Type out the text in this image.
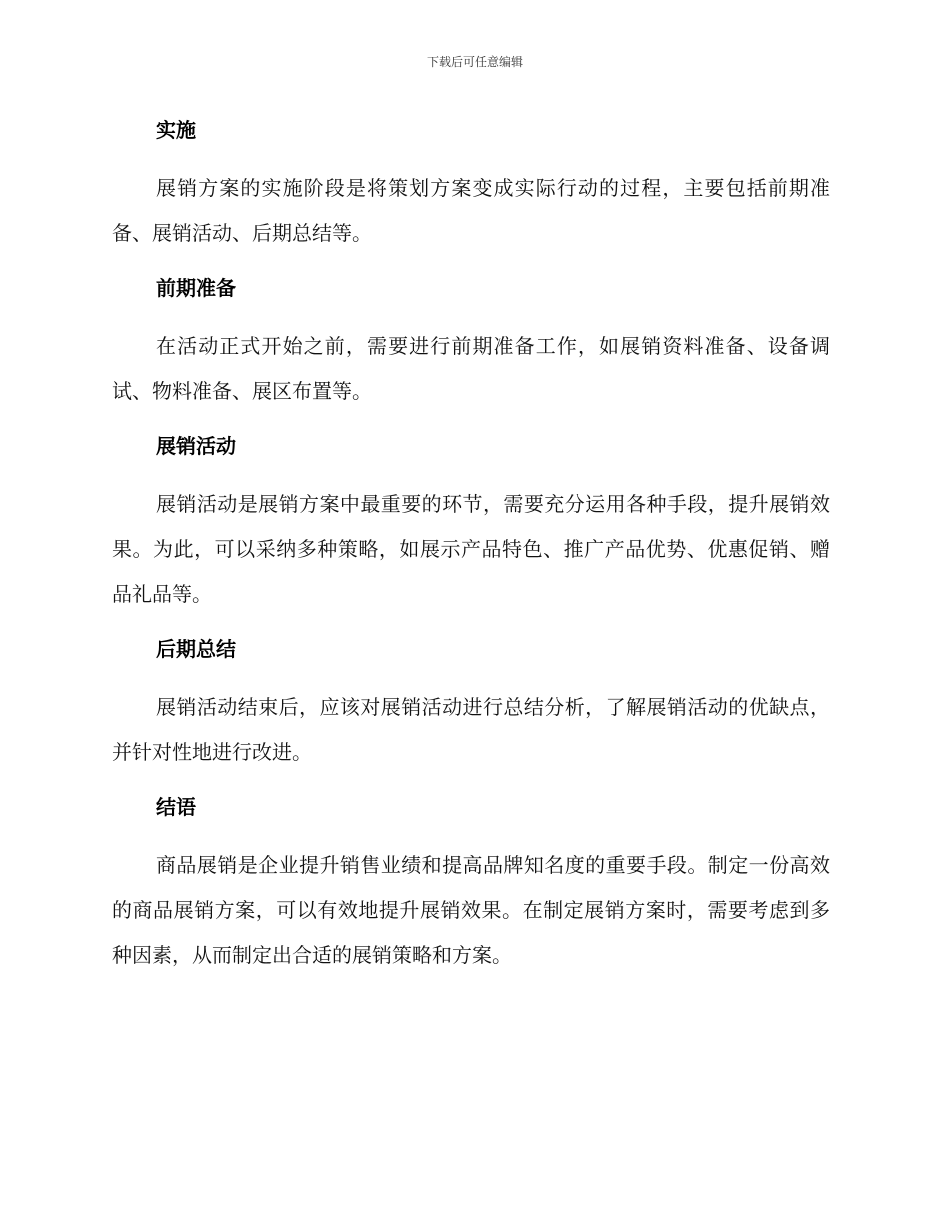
下载后可任意编辑
实施

展销方案的实施阶段是将策划方案变成实际行动的过程，主要包括前期准备、展销活动、后期总结等。

前期准备

在活动正式开始之前，需要进行前期准备工作，如展销资料准备、设备调试、物料准备、展区布置等。

展销活动

展销活动是展销方案中最重要的环节，需要充分运用各种手段，提升展销效果。为此，可以采纳多种策略，如展示产品特色、推广产品优势、优惠促销、赠品礼品等。

后期总结

展销活动结束后，应该对展销活动进行总结分析，了解展销活动的优缺点，并针对性地进行改进。

结语

商品展销是企业提升销售业绩和提高品牌知名度的重要手段。制定一份高效的商品展销方案，可以有效地提升展销效果。在制定展销方案时，需要考虑到多种因素，从而制定出合适的展销策略和方案。
